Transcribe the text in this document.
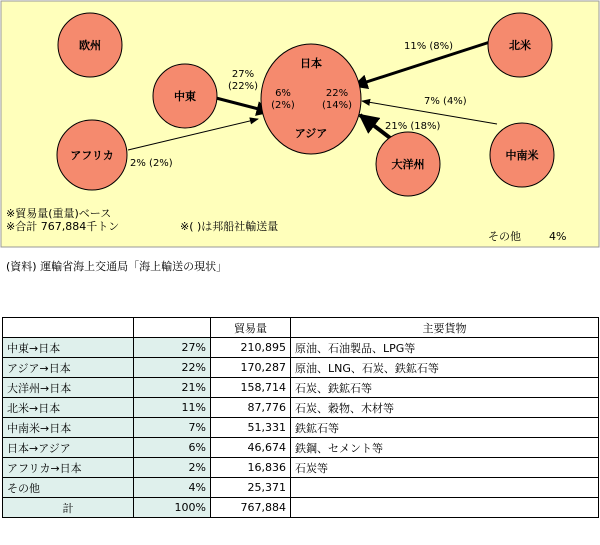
欧州
中東
アフリカ
日本
アジア
大洋州
北米
中南米
27% (22%)
2% (2%)
6% (2%)
22% (14%)
11% (8%)
7% (4%)
21% (18%)
※貿易量(重量)ベース
※合計 767,884千トン	※( )は邦船社輸送量
その他	4%
(資料) 運輸省海上交通局「海上輸送の現状」
		貿易量	主要貨物
中東→日本	27%	210,895	原油、石油製品、LPG等
アジア→日本	22%	170,287	原油、LNG、石炭、鉄鉱石等
大洋州→日本	21%	158,714	石炭、鉄鉱石等
北米→日本	11%	87,776	石炭、穀物、木材等
中南米→日本	7%	51,331	鉄鉱石等
日本→アジア	6%	46,674	鉄鋼、セメント等
アフリカ→日本	2%	16,836	石炭等
その他	4%	25,371	
計	100%	767,884	
